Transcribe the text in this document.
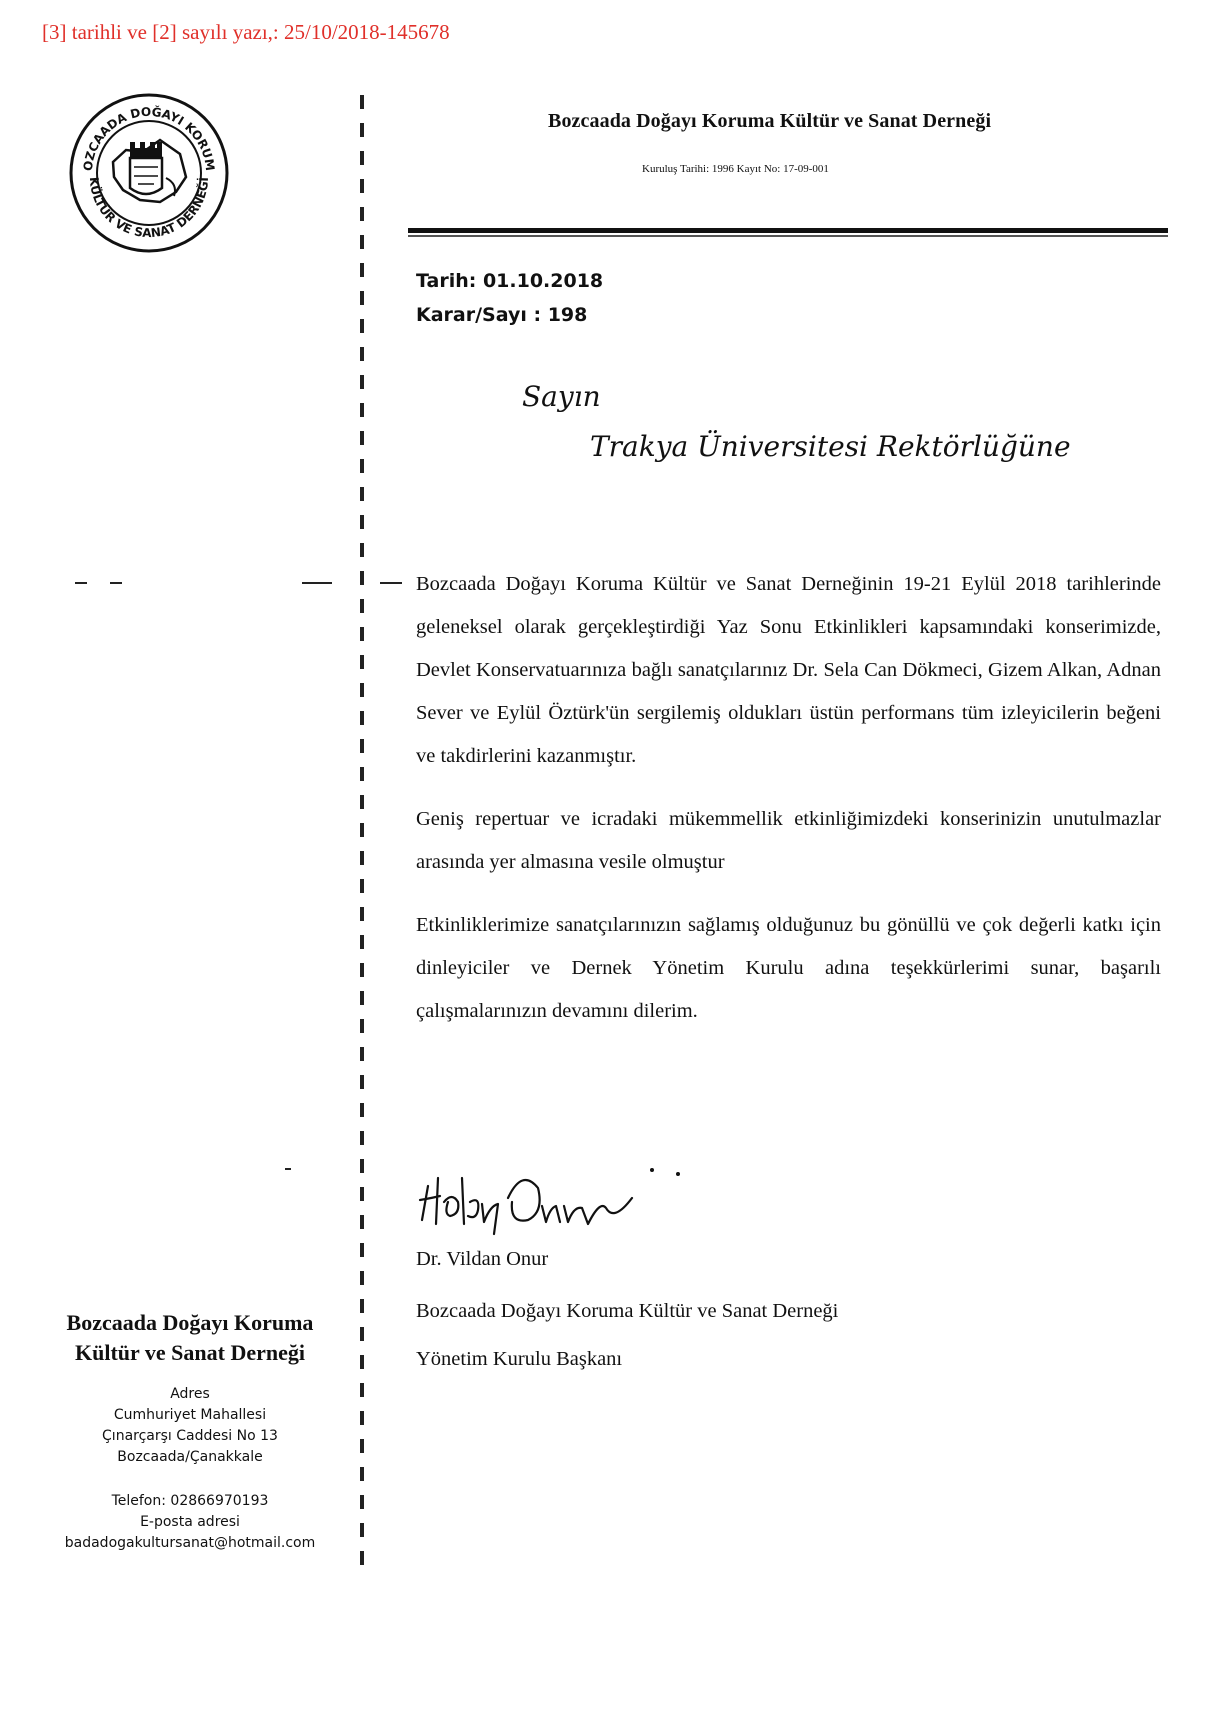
[3] tarihli ve [2] sayılı yazı,: 25/10/2018-145678
OZCAADA DOĞAYI KORUM
KÜLTÜR VE SANAT DERNEĞİ
Bozcaada Doğayı Koruma Kültür ve Sanat Derneği
Kuruluş Tarihi: 1996 Kayıt No: 17-09-001
Tarih: 01.10.2018
Karar/Sayı : 198
Sayın
Trakya Üniversitesi Rektörlüğüne

Bozcaada Doğayı Koruma Kültür ve Sanat Derneğinin 19-21 Eylül 2018 tarihlerinde geleneksel olarak gerçekleştirdiği Yaz Sonu Etkinlikleri kapsamındaki konserimizde, Devlet Konservatuarınıza bağlı sanatçılarınız Dr. Sela Can Dökmeci, Gizem Alkan, Adnan Sever ve Eylül Öztürk'ün sergilemiş oldukları üstün performans tüm izleyicilerin beğeni ve takdirlerini kazanmıştır.

Geniş repertuar ve icradaki mükemmellik etkinliğimizdeki konserinizin unutulmazlar arasında yer almasına vesile olmuştur

Etkinliklerimize sanatçılarınızın sağlamış olduğunuz bu gönüllü ve çok değerli katkı için dinleyiciler ve Dernek Yönetim Kurulu adına teşekkürlerimi sunar, başarılı çalışmalarınızın devamını dilerim.

Dr. Vildan Onur
Bozcaada Doğayı Koruma Kültür ve Sanat Derneği
Yönetim Kurulu Başkanı
Bozcaada Doğayı Koruma
Kültür ve Sanat Derneği
Adres
Cumhuriyet Mahallesi
Çınarçarşı Caddesi No 13
Bozcaada/Çanakkale
Telefon: 02866970193
E-posta adresi
badadogakultursanat@hotmail.com
